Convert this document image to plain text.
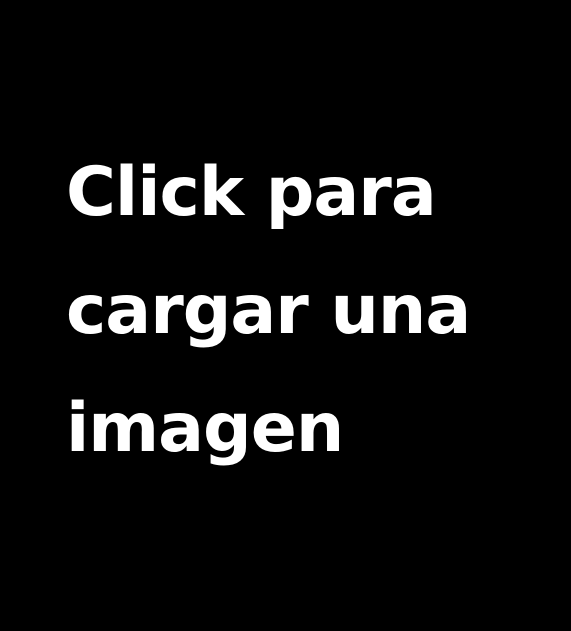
Click para
cargar una
imagen
